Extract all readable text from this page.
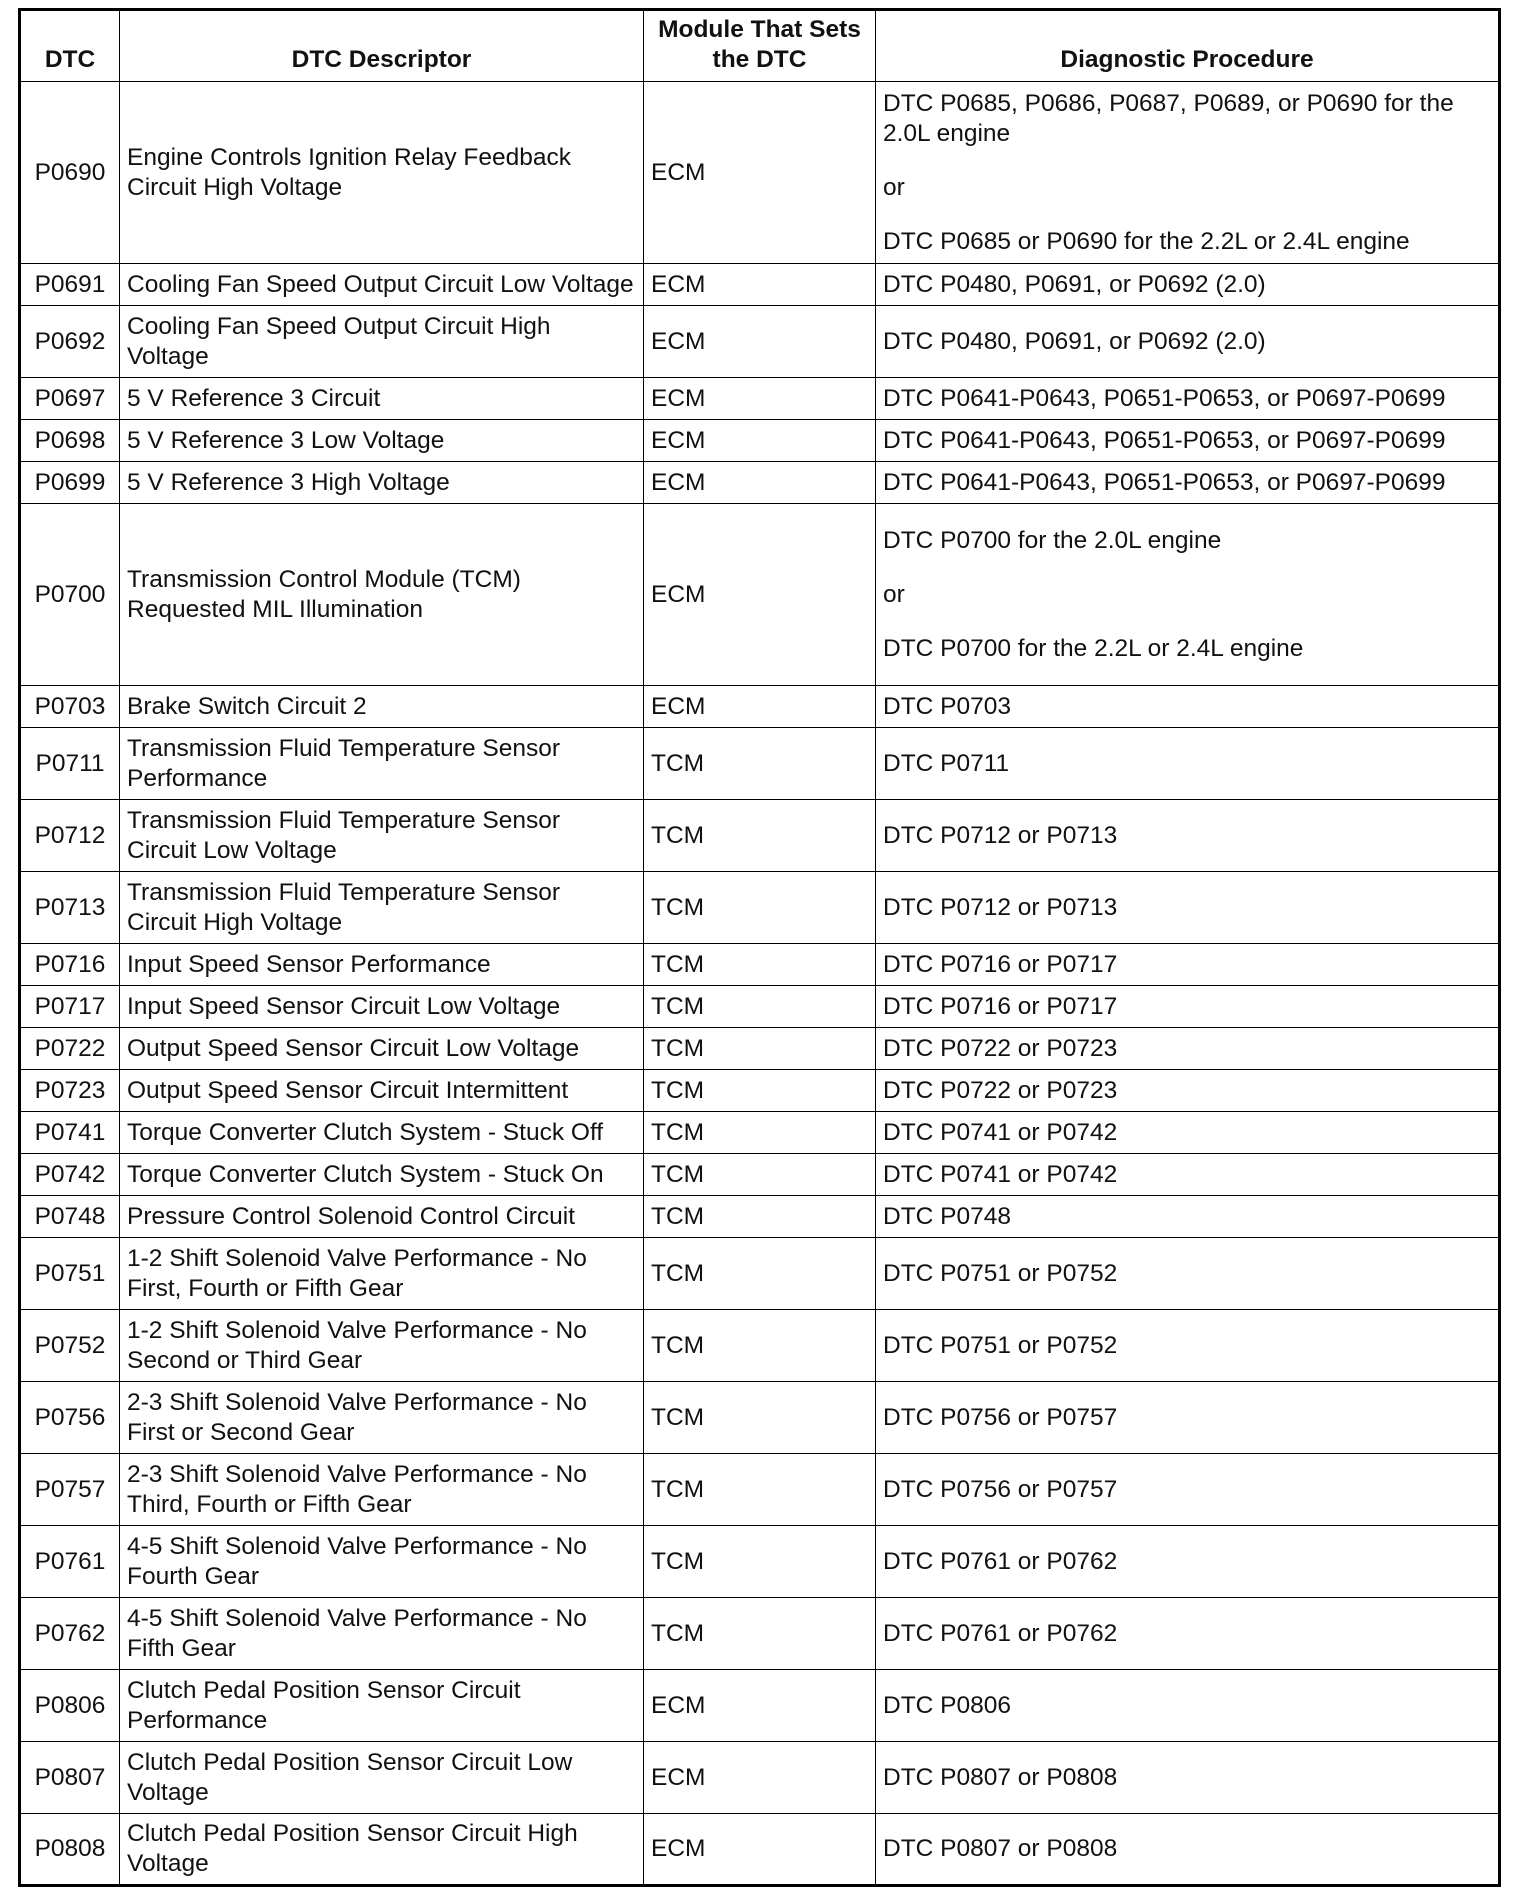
DTC	DTC Descriptor	Module That Sets the DTC	Diagnostic Procedure
P0690	Engine Controls Ignition Relay Feedback Circuit High Voltage	ECM	DTC P0685, P0686, P0687, P0689, or P0690 for the 2.0L engine
or
DTC P0685 or P0690 for the 2.2L or 2.4L engine

P0691	Cooling Fan Speed Output Circuit Low Voltage	ECM	DTC P0480, P0691, or P0692 (2.0)

P0692	Cooling Fan Speed Output Circuit High Voltage	ECM	DTC P0480, P0691, or P0692 (2.0)

P0697	5 V Reference 3 Circuit	ECM	DTC P0641-P0643, P0651-P0653, or P0697-P0699

P0698	5 V Reference 3 Low Voltage	ECM	DTC P0641-P0643, P0651-P0653, or P0697-P0699

P0699	5 V Reference 3 High Voltage	ECM	DTC P0641-P0643, P0651-P0653, or P0697-P0699

P0700	Transmission Control Module (TCM) Requested MIL Illumination	ECM	DTC P0700 for the 2.0L engine
or
DTC P0700 for the 2.2L or 2.4L engine

P0703	Brake Switch Circuit 2	ECM	DTC P0703

P0711	Transmission Fluid Temperature Sensor Performance	TCM	DTC P0711

P0712	Transmission Fluid Temperature Sensor Circuit Low Voltage	TCM	DTC P0712 or P0713

P0713	Transmission Fluid Temperature Sensor Circuit High Voltage	TCM	DTC P0712 or P0713

P0716	Input Speed Sensor Performance	TCM	DTC P0716 or P0717

P0717	Input Speed Sensor Circuit Low Voltage	TCM	DTC P0716 or P0717

P0722	Output Speed Sensor Circuit Low Voltage	TCM	DTC P0722 or P0723

P0723	Output Speed Sensor Circuit Intermittent	TCM	DTC P0722 or P0723

P0741	Torque Converter Clutch System - Stuck Off	TCM	DTC P0741 or P0742

P0742	Torque Converter Clutch System - Stuck On	TCM	DTC P0741 or P0742

P0748	Pressure Control Solenoid Control Circuit	TCM	DTC P0748

P0751	1-2 Shift Solenoid Valve Performance - No First, Fourth or Fifth Gear	TCM	DTC P0751 or P0752

P0752	1-2 Shift Solenoid Valve Performance - No Second or Third Gear	TCM	DTC P0751 or P0752

P0756	2-3 Shift Solenoid Valve Performance - No First or Second Gear	TCM	DTC P0756 or P0757

P0757	2-3 Shift Solenoid Valve Performance - No Third, Fourth or Fifth Gear	TCM	DTC P0756 or P0757

P0761	4-5 Shift Solenoid Valve Performance - No Fourth Gear	TCM	DTC P0761 or P0762

P0762	4-5 Shift Solenoid Valve Performance - No Fifth Gear	TCM	DTC P0761 or P0762

P0806	Clutch Pedal Position Sensor Circuit Performance	ECM	DTC P0806

P0807	Clutch Pedal Position Sensor Circuit Low Voltage	ECM	DTC P0807 or P0808

P0808	Clutch Pedal Position Sensor Circuit High Voltage	ECM	DTC P0807 or P0808
